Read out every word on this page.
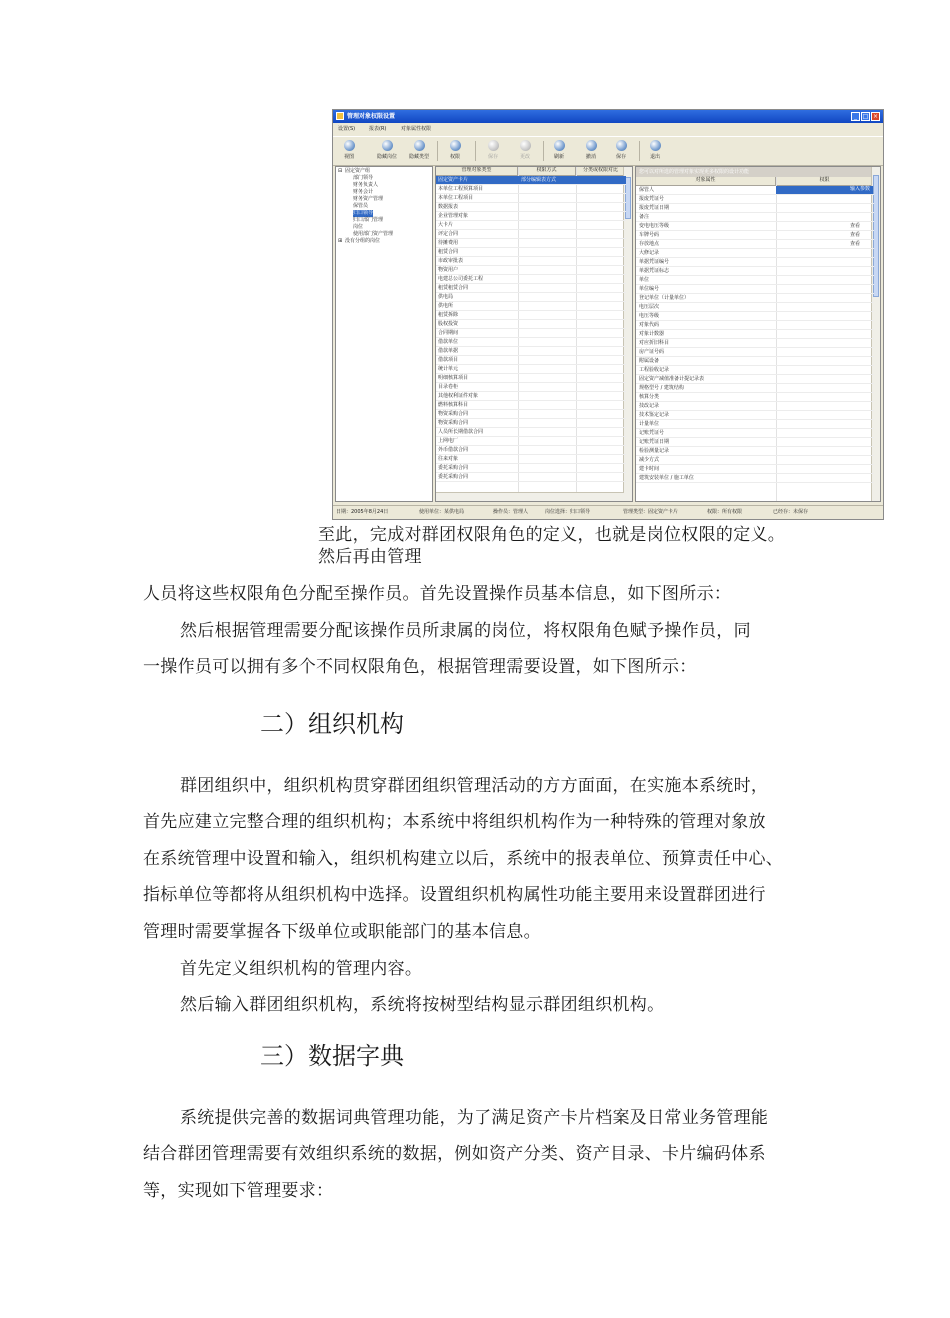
管理对象权限设置	_ □ ×
设置(S)	报表(R)	对象属性权限
视图	隐藏岗位	隐藏类型	权限	保存	更改	刷新	撤消	保存	退出
⊟ 固定资产组
部门领导
财务负责人
财务会计
财务资产管理
保管员
归口领导
归口部门管理
岗位
使用部门资产管理
⊞ 没有分组的岗位
管理对象类型	权限方式	分类或权限对比
固定资产卡片	部分编辑表方式
本单位工程预算项目
本单位工程项目
数据报表
企业管理对象
大卡片
评定合同
待摊费用
租赁合同
市政审批表
物资用户
电建总公司委托工程
租赁租赁合同
供电局
供电所
租赁拆除
股权投资
合同期间
借款单位
借款单据
借款项目
统计单元
明细核算项目
目录卷柜
其他权利证件对象
燃料核算科目
物资采购合同
物资采购合同
人员所长期借款合同
上网电厂
外币借款合同
往来对象
委托采购合同
委托采购合同
您可以对所选的管理对象实现更多权限的设计功能
对象属性	权限
保管人	输入参数
报废凭证号
报废凭证日期
备注
变电电压等级	查看
车牌号码	查看
存放地点	查看
大修记录
单据凭证编号
单据凭证标志
单位
单位编号
登记单位（计量单位）
电压层次
电压等级
对象代码
对象计数器
对应折旧科目
房产证号码
附属设备
工程验收记录
固定资产减值准备计提记录表
规格型号 / 建筑结构
核算分类
技改记录
技术鉴定记录
计量单位
记账凭证号
记账凭证日期
检验测量记录
减少方式
建卡时间
建筑安装单位 / 施工单位
日期：2005年8月24日	使用单位：某供电局	操作员：管理人	岗位选择：归口领导	管理类型：固定资产卡片	权限：所有权限	已经存：未保存
至此，完成对群团权限角色的定义，也就是岗位权限的定义。
然后再由管理
人员将这些权限角色分配至操作员。首先设置操作员基本信息，如下图所示：
然后根据管理需要分配该操作员所隶属的岗位，将权限角色赋予操作员，同
一操作员可以拥有多个不同权限角色，根据管理需要设置，如下图所示：
二）组织机构
群团组织中，组织机构贯穿群团组织管理活动的方方面面，在实施本系统时，
首先应建立完整合理的组织机构；本系统中将组织机构作为一种特殊的管理对象放
在系统管理中设置和输入，组织机构建立以后，系统中的报表单位、预算责任中心、
指标单位等都将从组织机构中选择。设置组织机构属性功能主要用来设置群团进行
管理时需要掌握各下级单位或职能部门的基本信息。
首先定义组织机构的管理内容。
然后输入群团组织机构，系统将按树型结构显示群团组织机构。
三）数据字典
系统提供完善的数据词典管理功能，为了满足资产卡片档案及日常业务管理能
结合群团管理需要有效组织系统的数据，例如资产分类、资产目录、卡片编码体系
等，实现如下管理要求：
